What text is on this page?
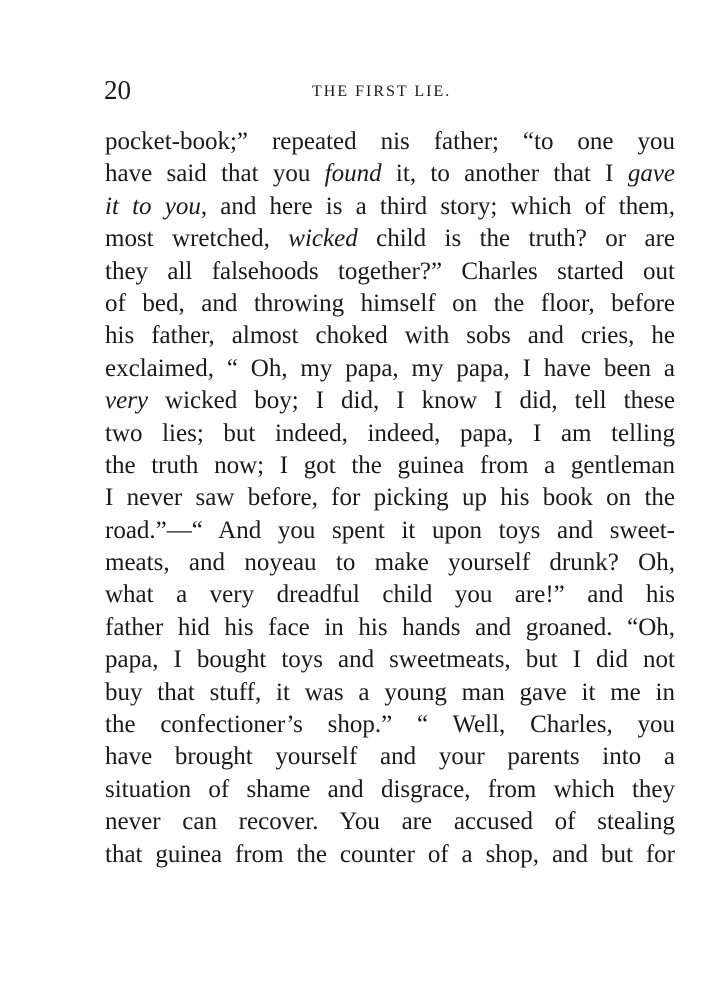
20	THE FIRST LIE.
pocket-book;” repeated nis father; “to one you
have said that you found it, to another that I gave
it to you, and here is a third story; which of them,
most wretched, wicked child is the truth? or are
they all falsehoods together?” Charles started out
of bed, and throwing himself on the floor, before
his father, almost choked with sobs and cries, he
exclaimed, “ Oh, my papa, my papa, I have been a
very wicked boy; I did, I know I did, tell these
two lies; but indeed, indeed, papa, I am telling
the truth now; I got the guinea from a gentleman
I never saw before, for picking up his book on the
road.”—“ And you spent it upon toys and sweet-
meats, and noyeau to make yourself drunk? Oh,
what a very dreadful child you are!” and his
father hid his face in his hands and groaned. “Oh,
papa, I bought toys and sweetmeats, but I did not
buy that stuff, it was a young man gave it me in
the confectioner’s shop.” “ Well, Charles, you
have brought yourself and your parents into a
situation of shame and disgrace, from which they
never can recover. You are accused of stealing
that guinea from the counter of a shop, and but for
